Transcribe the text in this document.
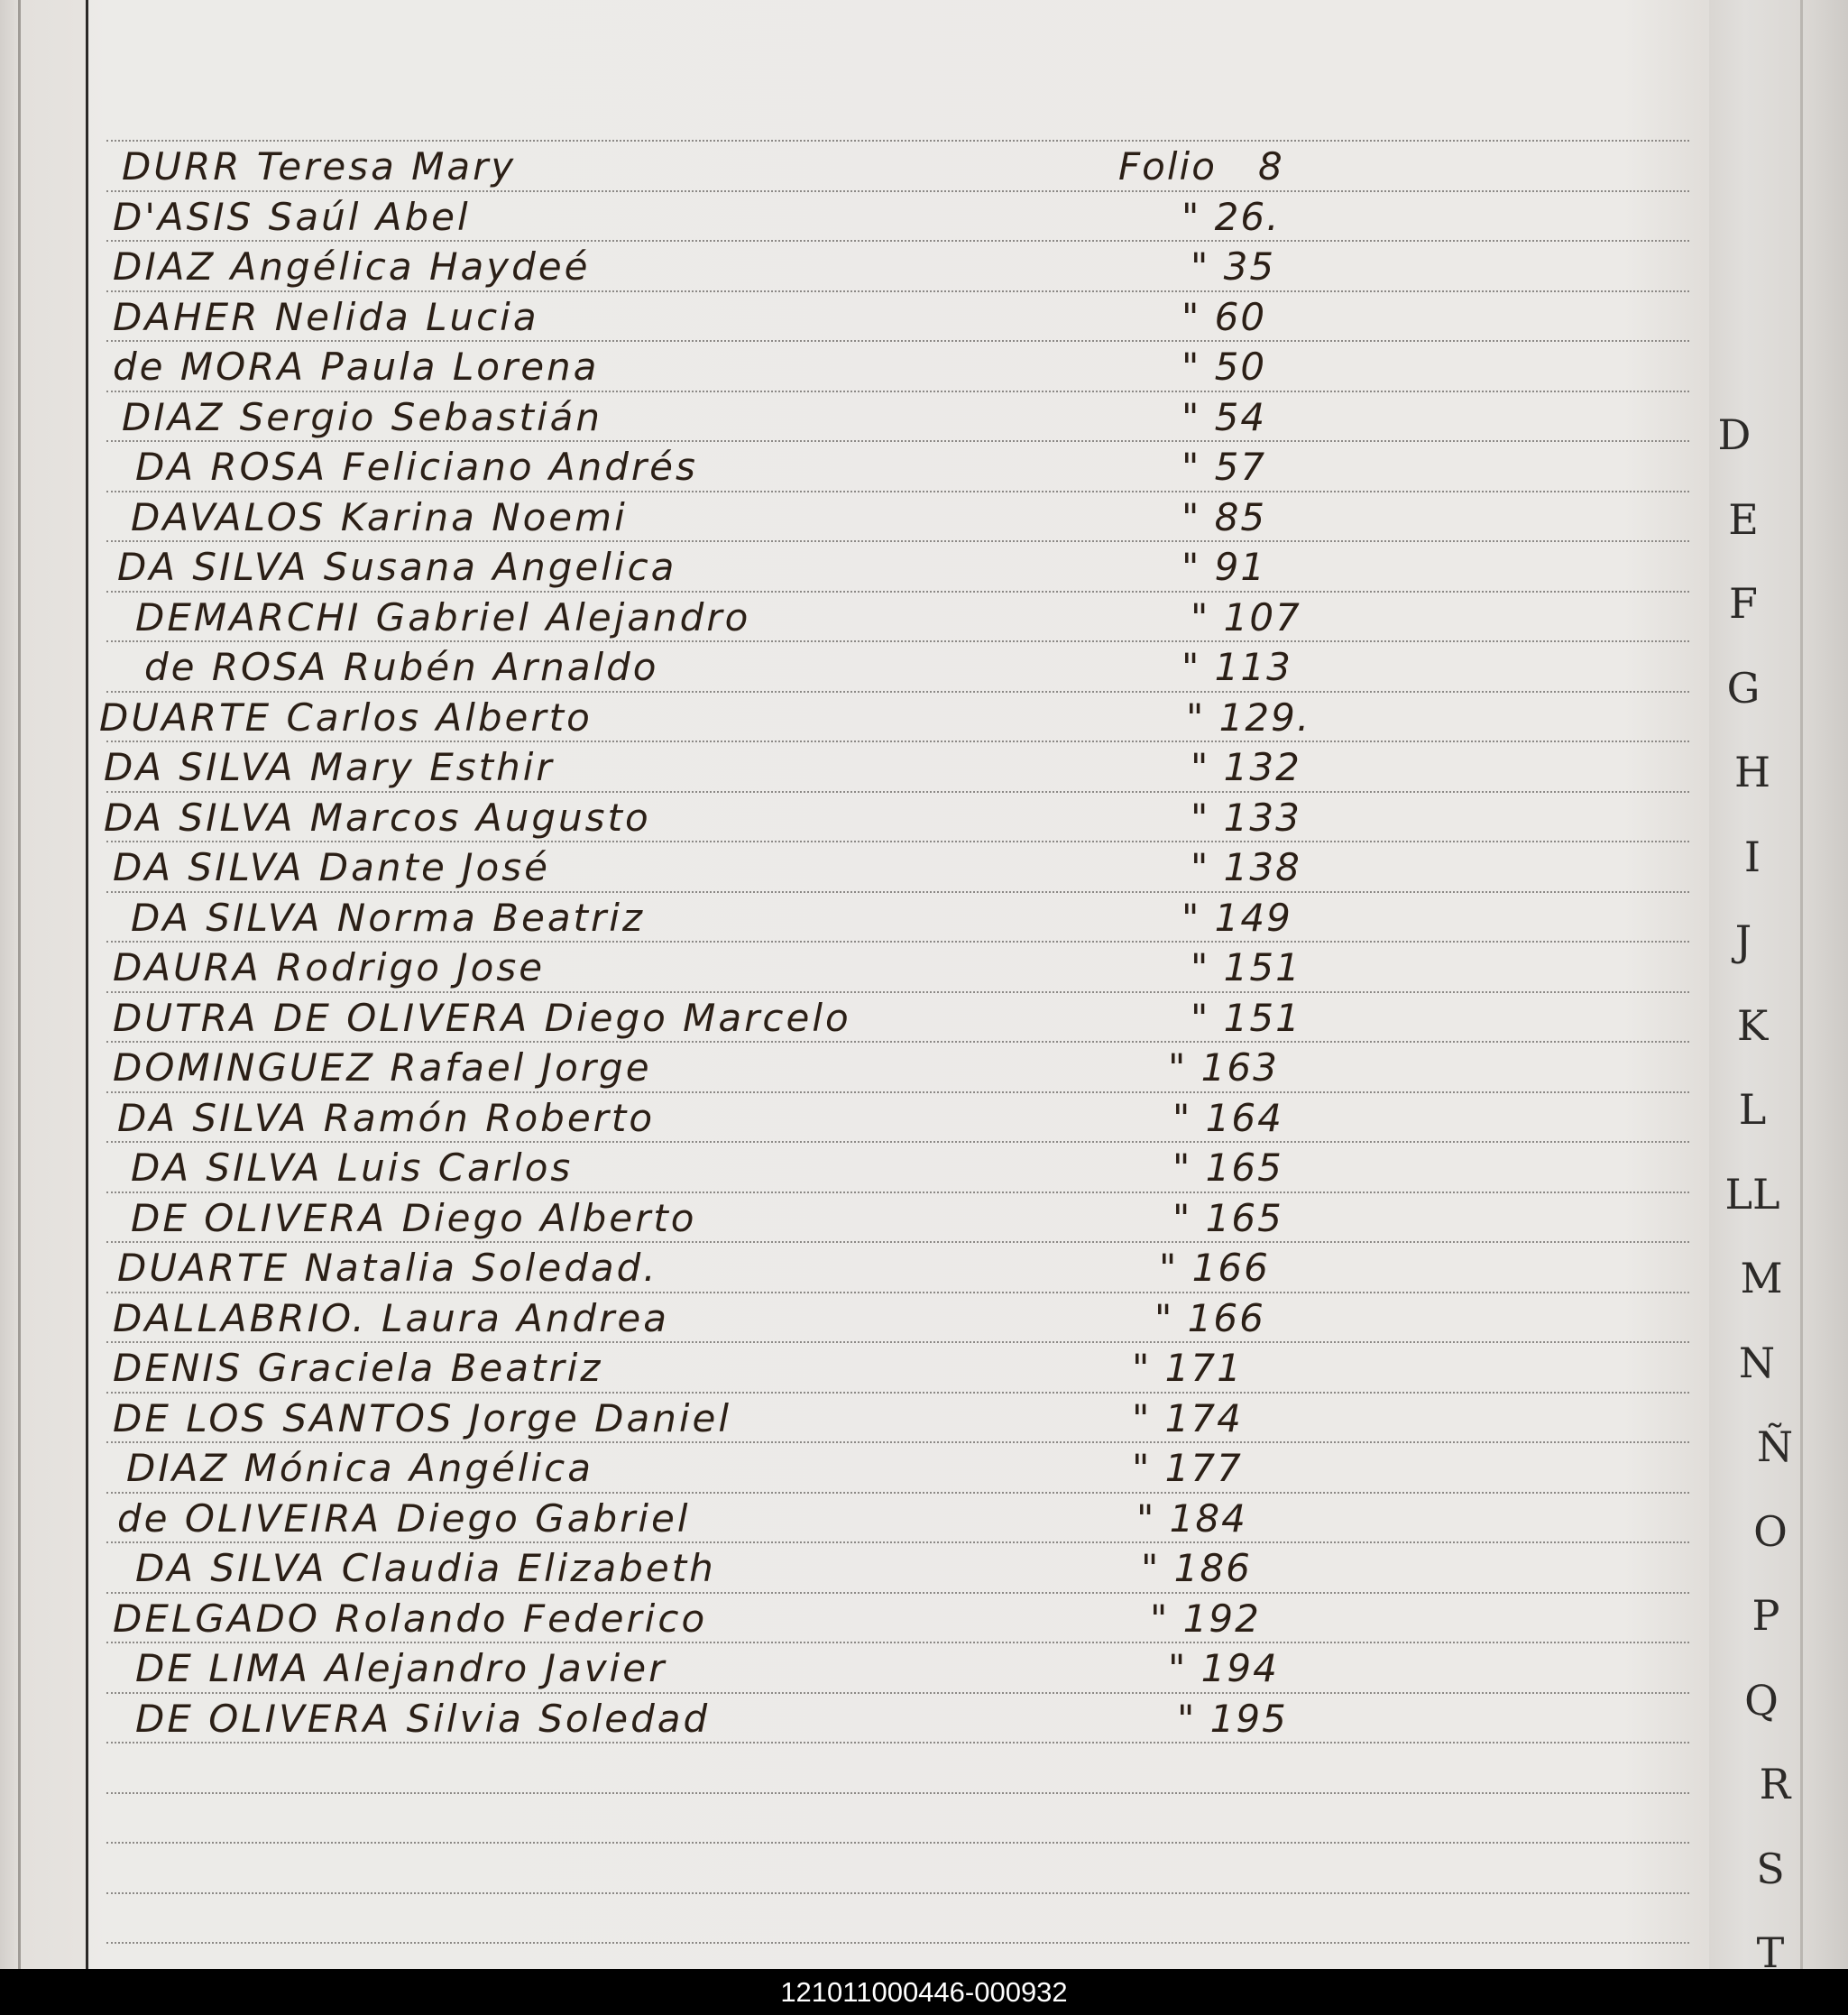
DURR Teresa Mary	Folio 8
D'ASIS Saúl Abel	" 26.
DIAZ Angélica Haydeé	" 35
DAHER Nelida Lucia	" 60
de MORA Paula Lorena	" 50
DIAZ Sergio Sebastián	" 54
DA ROSA Feliciano Andrés	" 57
DAVALOS Karina Noemi	" 85
DA SILVA Susana Angelica	" 91
DEMARCHI Gabriel Alejandro	" 107
de ROSA Rubén Arnaldo	" 113
DUARTE Carlos Alberto	" 129.
DA SILVA Mary Esthir	" 132
DA SILVA Marcos Augusto	" 133
DA SILVA Dante José	" 138
DA SILVA Norma Beatriz	" 149
DAURA Rodrigo Jose	" 151
DUTRA DE OLIVERA Diego Marcelo	" 151
DOMINGUEZ Rafael Jorge	" 163
DA SILVA Ramón Roberto	" 164
DA SILVA Luis Carlos	" 165
DE OLIVERA Diego Alberto	" 165
DUARTE Natalia Soledad.	" 166
DALLABRIO. Laura Andrea	" 166
DENIS Graciela Beatriz	" 171
DE LOS SANTOS Jorge Daniel	" 174
DIAZ Mónica Angélica	" 177
de OLIVEIRA Diego Gabriel	" 184
DA SILVA Claudia Elizabeth	" 186
DELGADO Rolando Federico	" 192
DE LIMA Alejandro Javier	" 194
DE OLIVERA Silvia Soledad	" 195
D
E
F
G
H
I
J
K
L
LL
M
N
Ñ
O
P
Q
R
S
T
121011000446-000932
